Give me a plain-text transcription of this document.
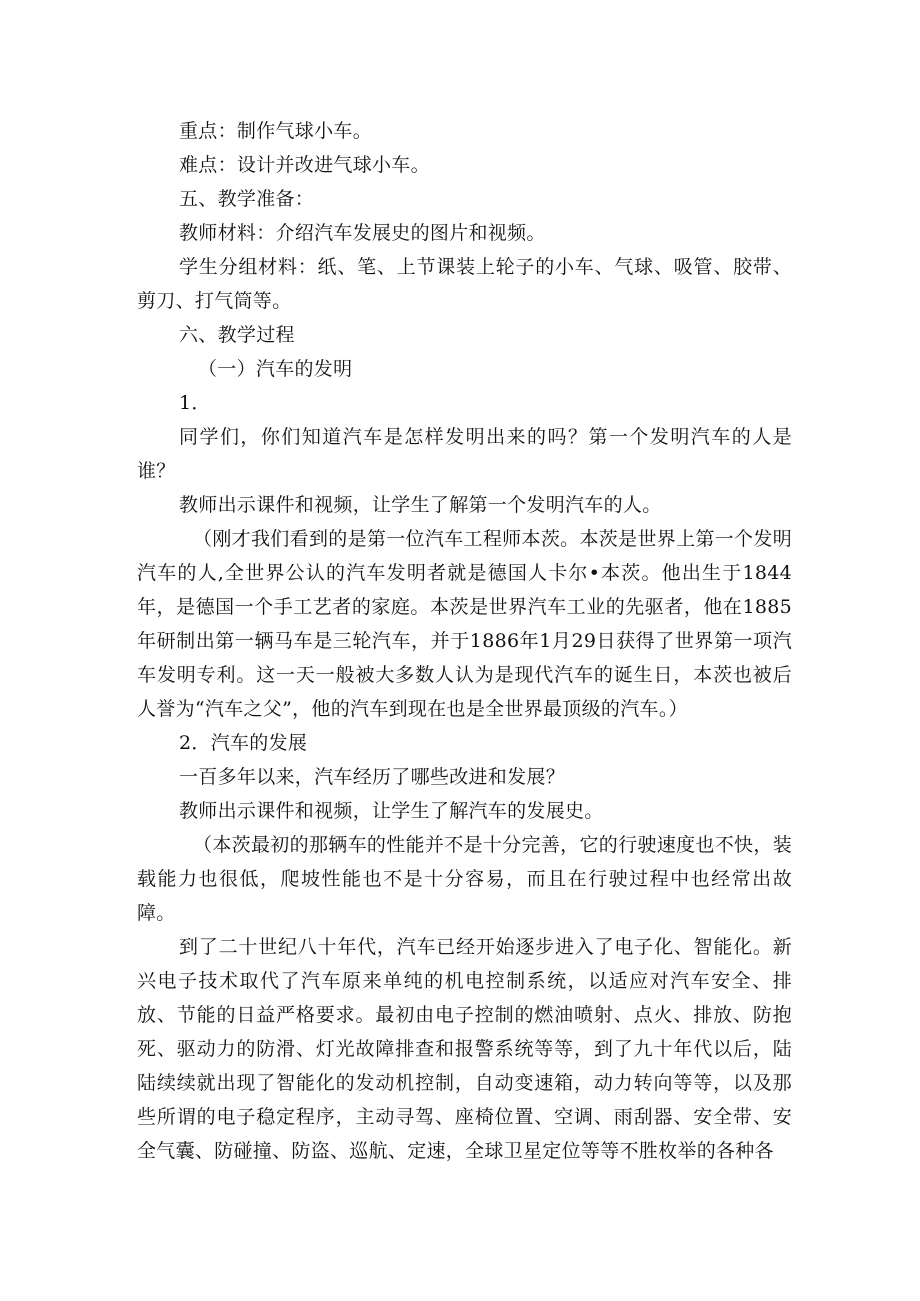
重点：制作气球小车。

难点：设计并改进气球小车。

五、教学准备：

教师材料：介绍汽车发展史的图片和视频。

学生分组材料：纸、笔、上节课装上轮子的小车、气球、吸管、胶带、剪刀、打气筒等。

六、教学过程

（一）汽车的发明

1．

同学们，你们知道汽车是怎样发明出来的吗？第一个发明汽车的人是谁？

教师出示课件和视频，让学生了解第一个发明汽车的人。

（刚才我们看到的是第一位汽车工程师本茨。本茨是世界上第一个发明汽车的人,全世界公认的汽车发明者就是德国人卡尔•本茨。他出生于1844年，是德国一个手工艺者的家庭。本茨是世界汽车工业的先驱者，他在1885年研制出第一辆马车是三轮汽车，并于1886年1月29日获得了世界第一项汽车发明专利。这一天一般被大多数人认为是现代汽车的诞生日，本茨也被后人誉为“汽车之父”，他的汽车到现在也是全世界最顶级的汽车。）

2．汽车的发展

一百多年以来，汽车经历了哪些改进和发展？

教师出示课件和视频，让学生了解汽车的发展史。

（本茨最初的那辆车的性能并不是十分完善，它的行驶速度也不快，装载能力也很低，爬坡性能也不是十分容易，而且在行驶过程中也经常出故障。

到了二十世纪八十年代，汽车已经开始逐步进入了电子化、智能化。新兴电子技术取代了汽车原来单纯的机电控制系统，以适应对汽车安全、排放、节能的日益严格要求。最初由电子控制的燃油喷射、点火、排放、防抱死、驱动力的防滑、灯光故障排查和报警系统等等，到了九十年代以后，陆陆续续就出现了智能化的发动机控制，自动变速箱，动力转向等等，以及那些所谓的电子稳定程序，主动寻驾、座椅位置、空调、雨刮器、安全带、安全气囊、防碰撞、防盗、巡航、定速，全球卫星定位等等不胜枚举的各种各
